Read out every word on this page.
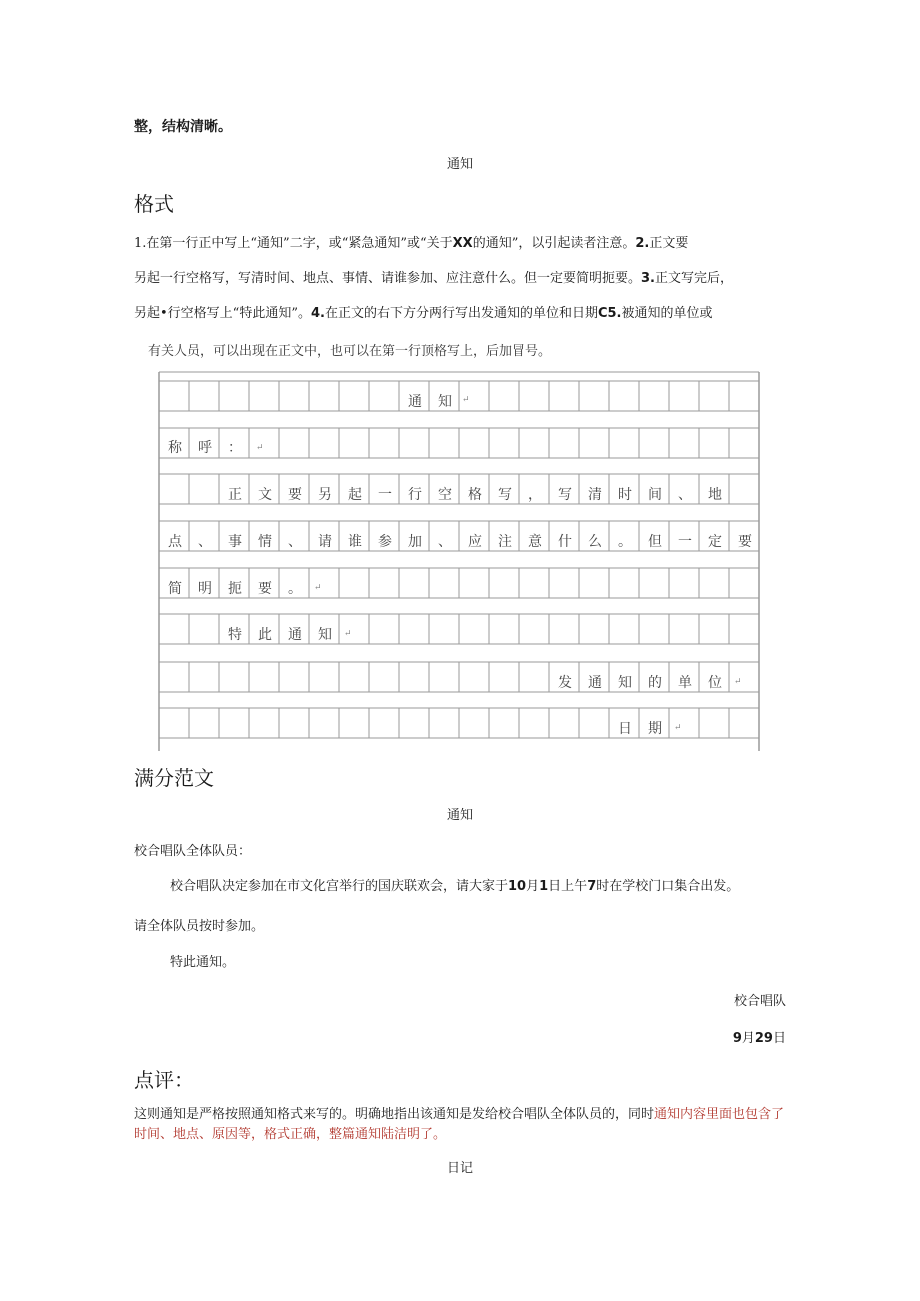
整，结构清晰。
通知
格式
1.在第一行正中写上“通知”二字，或“紧急通知”或“关于XX的通知”，以引起读者注意。2.正文要
另起一行空格写，写清时间、地点、事情、请谁参加、应注意什么。但一定要简明扼要。3.正文写完后，
另起•行空格写上“特此通知”。4.在正文的右下方分两行写出发通知的单位和日期C5.被通知的单位或
有关人员，可以出现在正文中，也可以在第一行顶格写上，后加冒号。
通	知	↵
称	呼	：	↵
正	文	要	另	起	一	行	空	格	写	，	写	清	时	间	、	地
点	、	事	情	、	请	谁	参	加	、	应	注	意	什	么	。	但	一	定	要
简	明	扼	要	。	↵
特	此	通	知	↵
发	通	知	的	单	位	↵
日	期	↵
满分范文
通知
校合唱队全体队员：
校合唱队决定参加在市文化宫举行的国庆联欢会，请大家于10月1日上午7时在学校门口集合出发。
请全体队员按时参加。
特此通知。
校合唱队
9月29日
点评：
这则通知是严格按照通知格式来写的。明确地指出该通知是发给校合唱队全体队员的，同时通知内容里面也包含了
时间、地点、原因等，格式正确，整篇通知陆洁明了。
日记
